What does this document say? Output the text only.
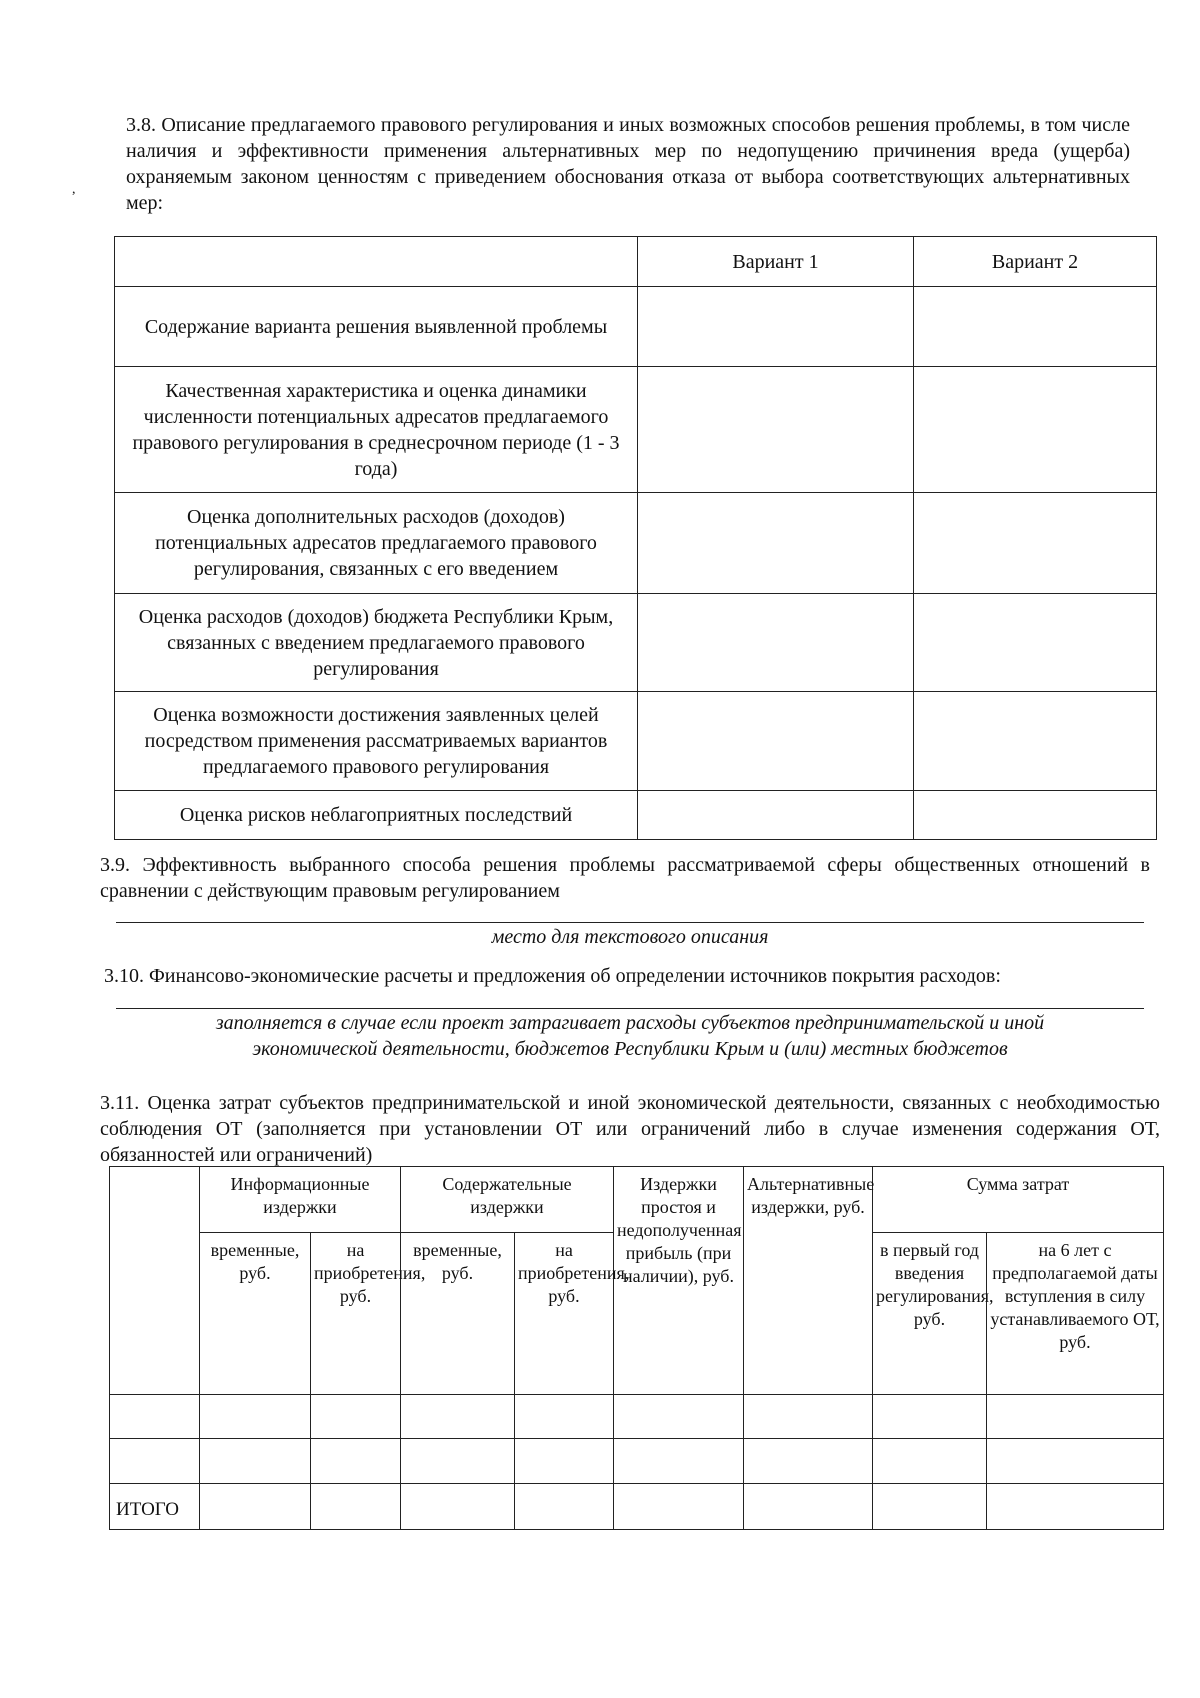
,

3.8. Описание предлагаемого правового регулирования и иных возможных способов решения проблемы, в том числе наличия и эффективности применения альтернативных мер по недопущению причинения вреда (ущерба) охраняемым законом ценностям с приведением обоснования отказа от выбора соответствующих альтернативных мер:

	Вариант 1	Вариант 2
Содержание варианта решения выявленной проблемы		
Качественная характеристика и оценка динамики численности потенциальных адресатов предлагаемого правового регулирования в среднесрочном периоде (1 - 3 года)		
Оценка дополнительных расходов (доходов) потенциальных адресатов предлагаемого правового регулирования, связанных с его введением		
Оценка расходов (доходов) бюджета Республики Крым, связанных с введением предлагаемого правового регулирования		
Оценка возможности достижения заявленных целей посредством применения рассматриваемых вариантов предлагаемого правового регулирования		
Оценка рисков неблагоприятных последствий		

3.9. Эффективность выбранного способа решения проблемы рассматриваемой сферы общественных отношений в сравнении с действующим правовым регулированием

место для текстового описания

3.10. Финансово-экономические расчеты и предложения об определении источников покрытия расходов:

заполняется в случае если проект затрагивает расходы субъектов предпринимательской и иной

экономической деятельности, бюджетов Республики Крым и (или) местных бюджетов

3.11. Оценка затрат субъектов предпринимательской и иной экономической деятельности, связанных с необходимостью соблюдения ОТ (заполняется при установлении ОТ или ограничений либо в случае изменения содержания ОТ, обязанностей или ограничений)

	Информационные издержки		Содержательные издержки		Издержки простоя и недополученная прибыль (при наличии), руб.	Альтернативные издержки, руб.	Сумма затрат	
	временные, руб.	на приобретения, руб.	временные, руб.	на приобретения, руб.			в первый год введения регулирования, руб.	на 6 лет с предполагаемой даты вступления в силу устанавливаемого ОТ, руб.

ИТОГО								
